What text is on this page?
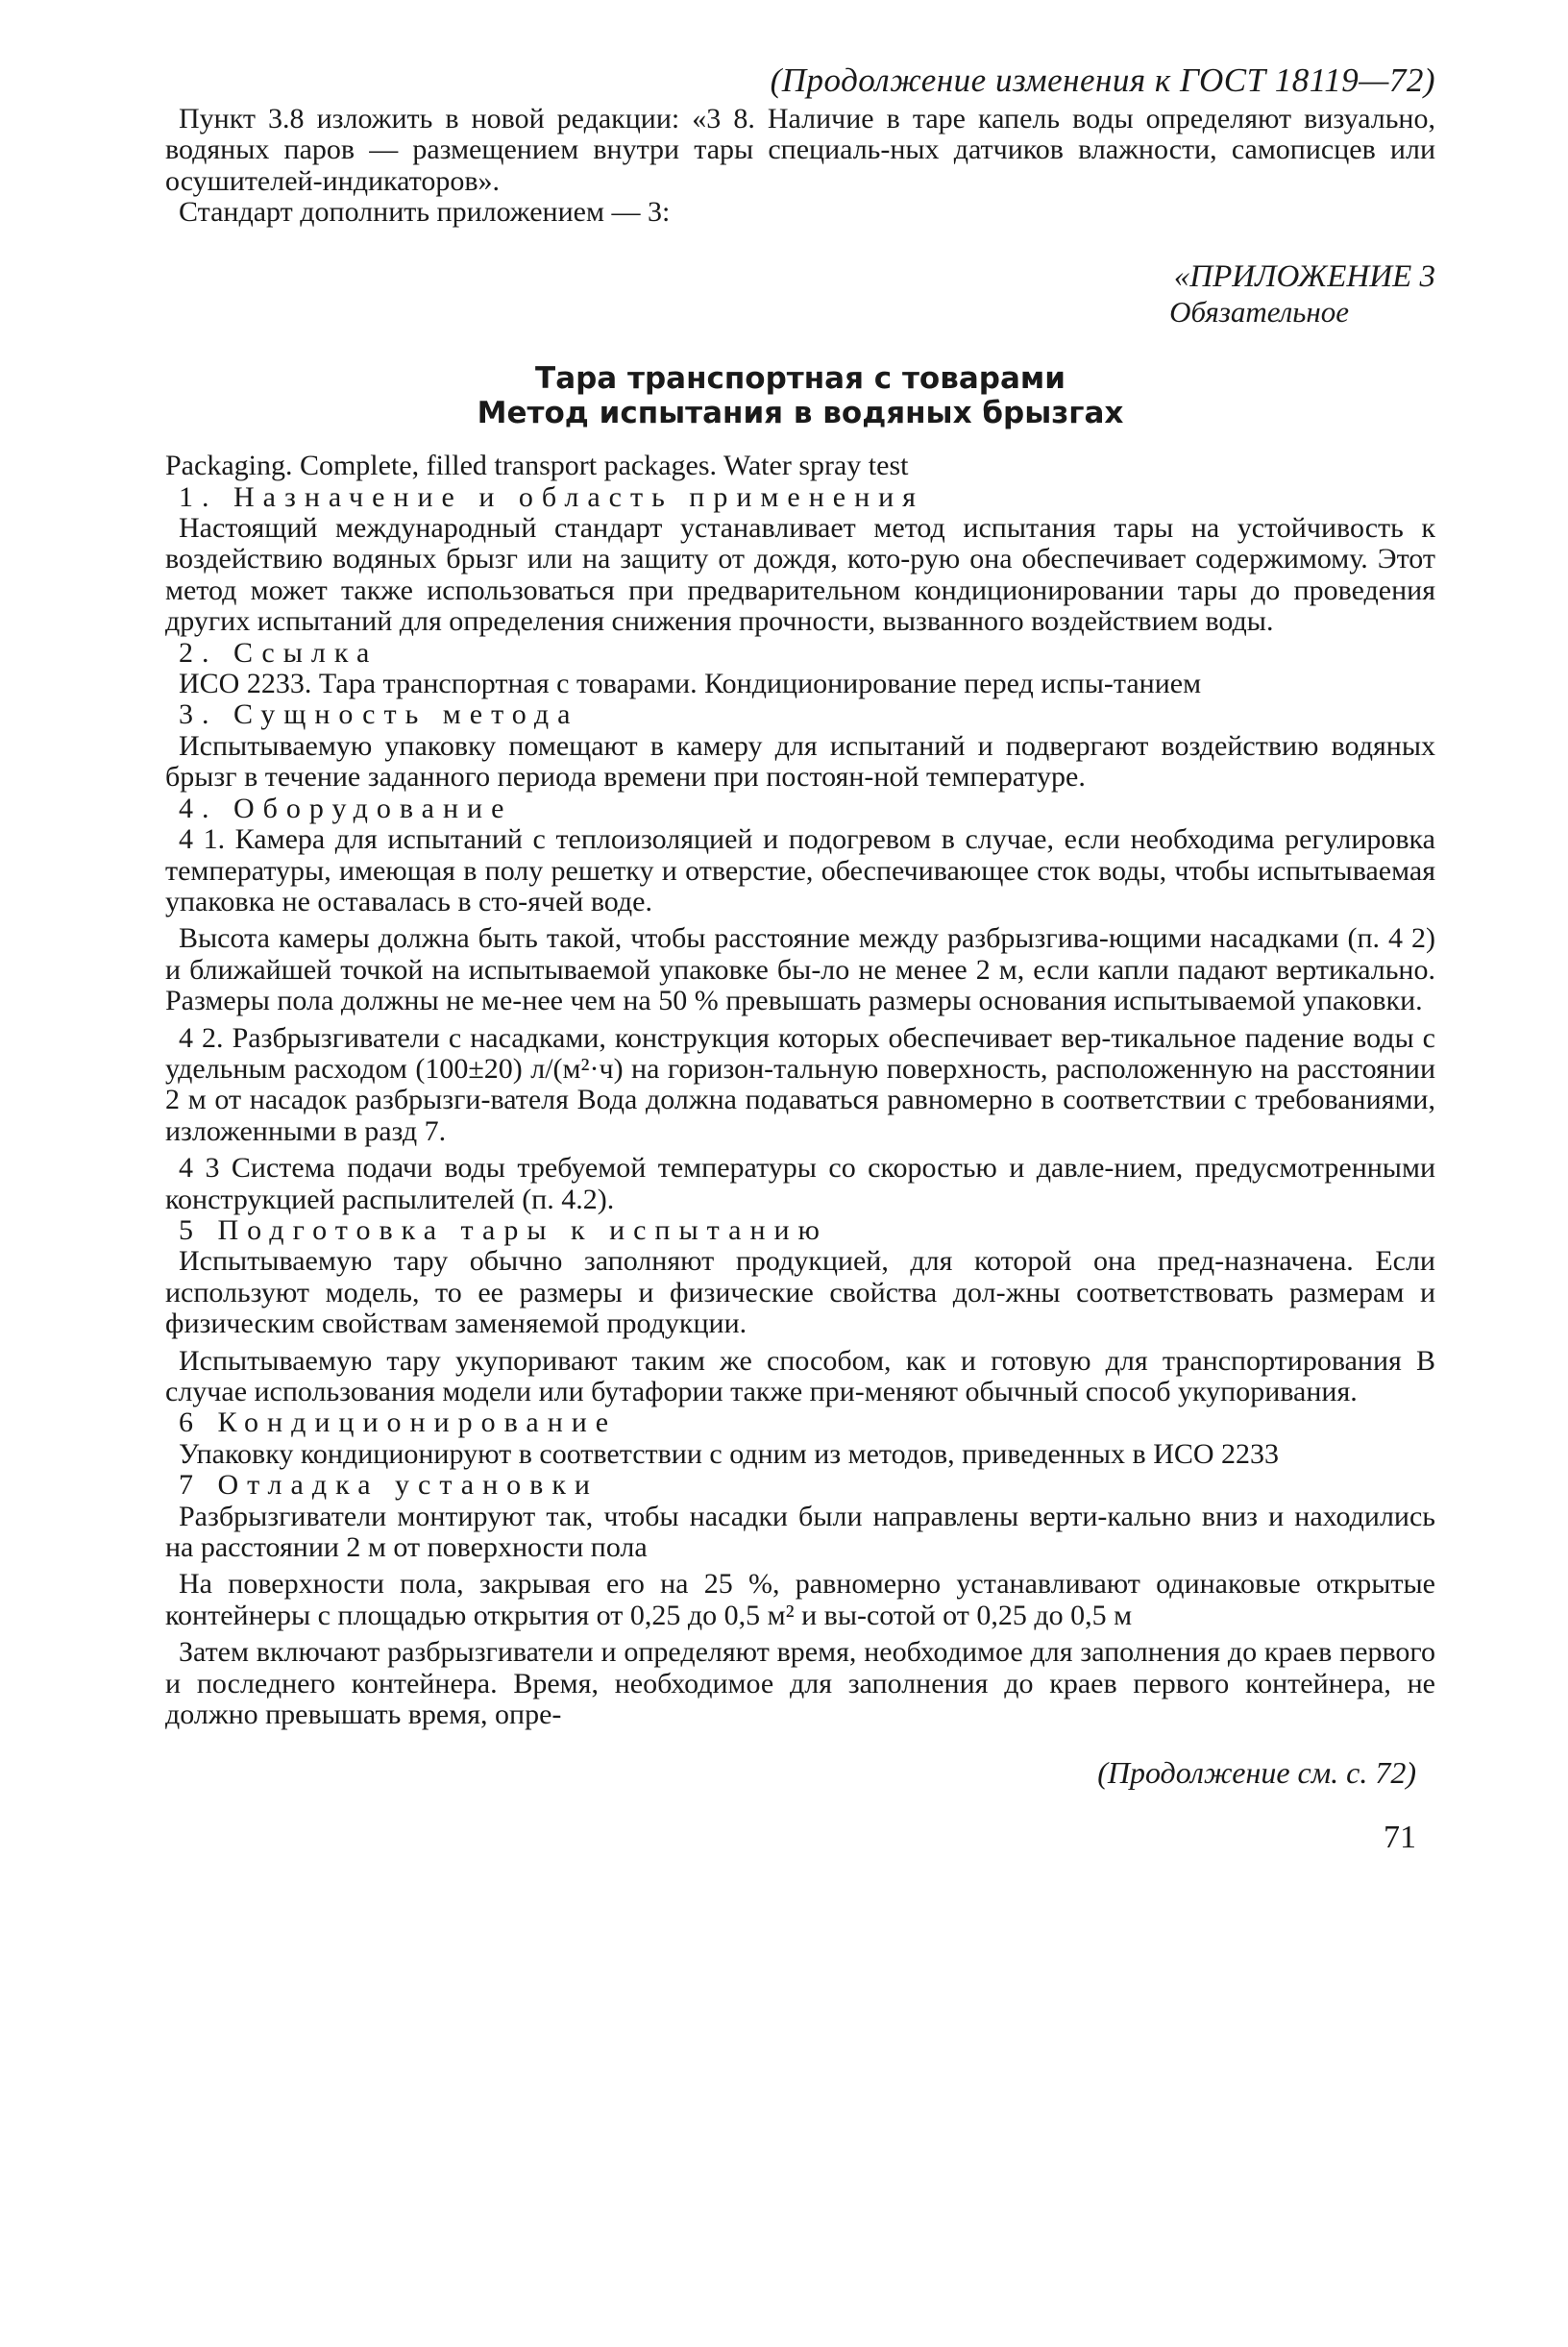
(Продолжение изменения к ГОСТ 18119—72)

Пункт 3.8 изложить в новой редакции: «3 8. Наличие в таре капель воды определяют визуально, водяных паров — размещением внутри тары специаль-ных датчиков влажности, самописцев или осушителей-индикаторов».

Стандарт дополнить приложением — 3:

«ПРИЛОЖЕНИЕ 3
Обязательное
Тара транспортная с товарами
Метод испытания в водяных брызгах
Packaging. Complete, filled transport packages. Water spray test
1. Назначение и область применения

Настоящий международный стандарт устанавливает метод испытания тары на устойчивость к воздействию водяных брызг или на защиту от дождя, кото-рую она обеспечивает содержимому. Этот метод может также использоваться при предварительном кондиционировании тары до проведения других испытаний для определения снижения прочности, вызванного воздействием воды.

2. Ссылка

ИСО 2233. Тара транспортная с товарами. Кондиционирование перед испы-танием

3. Сущность метода

Испытываемую упаковку помещают в камеру для испытаний и подвергают воздействию водяных брызг в течение заданного периода времени при постоян-ной температуре.

4. Оборудование

4 1. Камера для испытаний с теплоизоляцией и подогревом в случае, если необходима регулировка температуры, имеющая в полу решетку и отверстие, обеспечивающее сток воды, чтобы испытываемая упаковка не оставалась в сто-ячей воде.

Высота камеры должна быть такой, чтобы расстояние между разбрызгива-ющими насадками (п. 4 2) и ближайшей точкой на испытываемой упаковке бы-ло не менее 2 м, если капли падают вертикально. Размеры пола должны не ме-нее чем на 50 % превышать размеры основания испытываемой упаковки.

4 2. Разбрызгиватели с насадками, конструкция которых обеспечивает вер-тикальное падение воды с удельным расходом (100±20) л/(м²·ч) на горизон-тальную поверхность, расположенную на расстоянии 2 м от насадок разбрызги-вателя Вода должна подаваться равномерно в соответствии с требованиями, изложенными в разд 7.

4 3 Система подачи воды требуемой температуры со скоростью и давле-нием, предусмотренными конструкцией распылителей (п. 4.2).

5 Подготовка тары к испытанию

Испытываемую тару обычно заполняют продукцией, для которой она пред-назначена. Если используют модель, то ее размеры и физические свойства дол-жны соответствовать размерам и физическим свойствам заменяемой продукции.

Испытываемую тару укупоривают таким же способом, как и готовую для транспортирования В случае использования модели или бутафории также при-меняют обычный способ укупоривания.

6 Кондиционирование

Упаковку кондиционируют в соответствии с одним из методов, приведенных в ИСО 2233

7 Отладка установки

Разбрызгиватели монтируют так, чтобы насадки были направлены верти-кально вниз и находились на расстоянии 2 м от поверхности пола

На поверхности пола, закрывая его на 25 %, равномерно устанавливают одинаковые открытые контейнеры с площадью открытия от 0,25 до 0,5 м² и вы-сотой от 0,25 до 0,5 м

Затем включают разбрызгиватели и определяют время, необходимое для заполнения до краев первого и последнего контейнера. Время, необходимое для заполнения до краев первого контейнера, не должно превышать время, опре-

(Продолжение см. с. 72)
71
